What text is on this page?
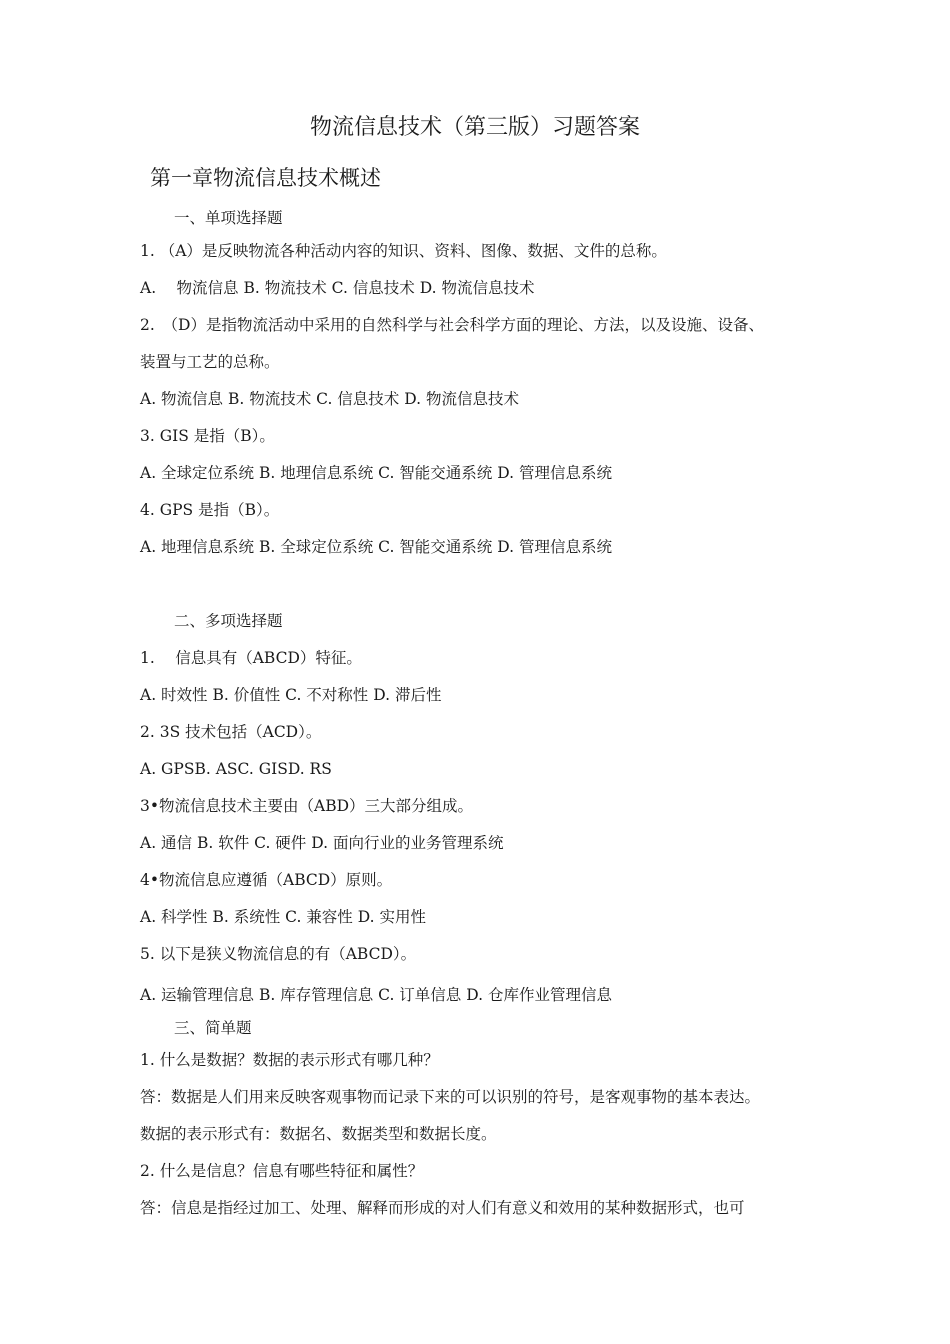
物流信息技术（第三版）习题答案
第一章物流信息技术概述
一、单项选择题
1. （A）是反映物流各种活动内容的知识、资料、图像、数据、文件的总称。
A.　 物流信息 B. 物流技术 C. 信息技术 D. 物流信息技术
2.　（D）是指物流活动中采用的自然科学与社会科学方面的理论、方法，以及设施、设备、
装置与工艺的总称。
A. 物流信息 B. 物流技术 C. 信息技术 D. 物流信息技术
3. GIS 是指（B）。
A. 全球定位系统 B. 地理信息系统 C. 智能交通系统 D. 管理信息系统
4. GPS 是指（B）。
A. 地理信息系统 B. 全球定位系统 C. 智能交通系统 D. 管理信息系统
二、多项选择题
1.　 信息具有（ABCD）特征。
A. 时效性 B. 价值性 C. 不对称性 D. 滞后性
2. 3S 技术包括（ACD）。
A. GPSB. ASC. GISD. RS
3•物流信息技术主要由（ABD）三大部分组成。
A. 通信 B. 软件 C. 硬件 D. 面向行业的业务管理系统
4•物流信息应遵循（ABCD）原则。
A. 科学性 B. 系统性 C. 兼容性 D. 实用性
5. 以下是狭义物流信息的有（ABCD）。
A. 运输管理信息 B. 库存管理信息 C. 订单信息 D. 仓库作业管理信息
三、简单题
1. 什么是数据？数据的表示形式有哪几种？
答：数据是人们用来反映客观事物而记录下来的可以识别的符号，是客观事物的基本表达。
数据的表示形式有：数据名、数据类型和数据长度。
2. 什么是信息？信息有哪些特征和属性？
答：信息是指经过加工、处理、解释而形成的对人们有意义和效用的某种数据形式，也可
